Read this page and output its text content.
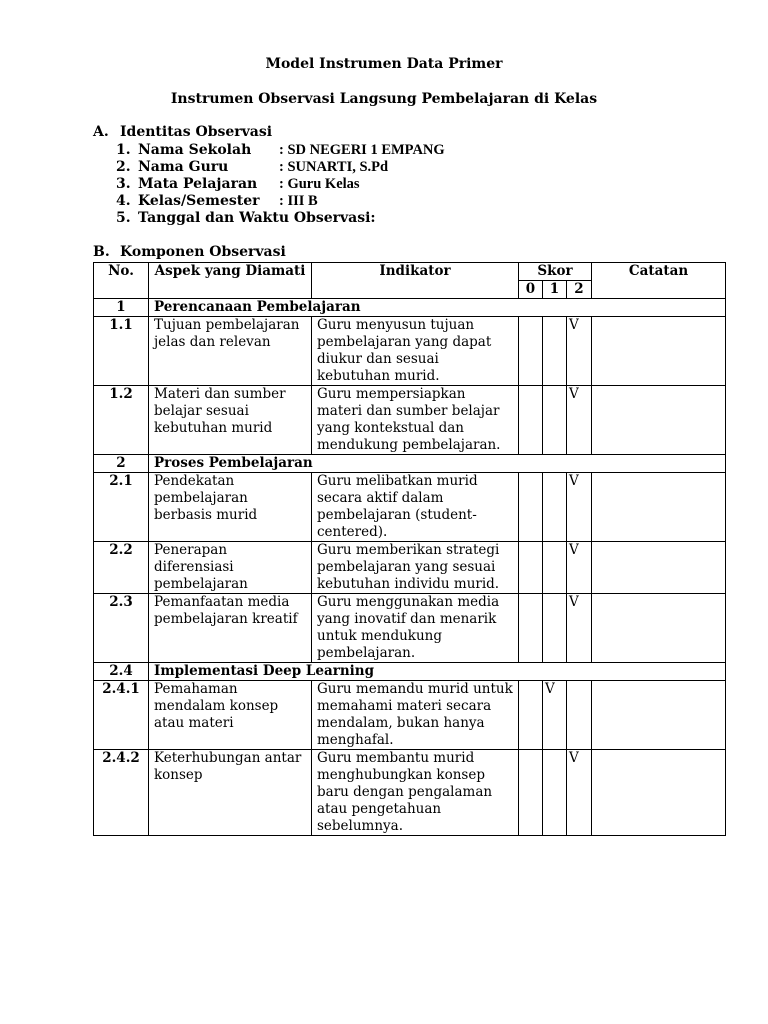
Model Instrumen Data Primer
Instrumen Observasi Langsung Pembelajaran di Kelas
A. Identitas Observasi
1. Nama Sekolah : SD NEGERI 1 EMPANG
2. Nama Guru	: SUNARTI, S.Pd
3. Mata Pelajaran : Guru Kelas
4. Kelas/Semester : III B
5. Tanggal dan Waktu Observasi:
B. Komponen Observasi
No.	Aspek yang Diamati	Indikator	Skor			Catatan
			0	1	2	
1	Perencanaan Pembelajaran					
1.1	Tujuan pembelajaran jelas dan relevan	Guru menyusun tujuan pembelajaran yang dapat diukur dan sesuai kebutuhan murid.			V	
1.2	Materi dan sumber belajar sesuai kebutuhan murid	Guru mempersiapkan materi dan sumber belajar yang kontekstual dan mendukung pembelajaran.			V	
2	Proses Pembelajaran					
2.1	Pendekatan pembelajaran berbasis murid	Guru melibatkan murid secara aktif dalam pembelajaran (student-centered).			V	
2.2	Penerapan diferensiasi pembelajaran	Guru memberikan strategi pembelajaran yang sesuai kebutuhan individu murid.			V	
2.3	Pemanfaatan media pembelajaran kreatif	Guru menggunakan media yang inovatif dan menarik untuk mendukung pembelajaran.			V	
2.4	Implementasi Deep Learning					
2.4.1	Pemahaman mendalam konsep atau materi	Guru memandu murid untuk memahami materi secara mendalam, bukan hanya menghafal.		V		
2.4.2	Keterhubungan antar konsep	Guru membantu murid menghubungkan konsep baru dengan pengalaman atau pengetahuan sebelumnya.			V	
